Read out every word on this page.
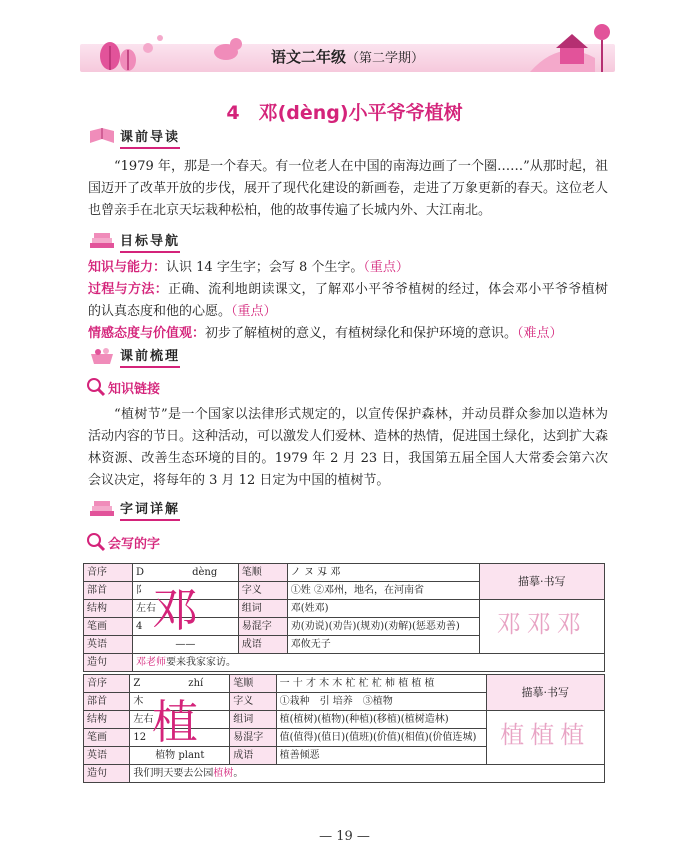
语文二年级（第二学期）
4　邓(dèng)小平爷爷植树
课前导读

“1979 年，那是一个春天。有一位老人在中国的南海边画了一个圈……”从那时起，祖国迈开了改革开放的步伐，展开了现代化建设的新画卷，走进了万象更新的春天。这位老人也曾亲手在北京天坛栽种松柏，他的故事传遍了长城内外、大江南北。

目标导航

知识与能力：认识 14 字生字；会写 8 个生字。（重点）

过程与方法：正确、流利地朗读课文，了解邓小平爷爷植树的经过，体会邓小平爷爷植树的认真态度和他的心愿。（重点）

情感态度与价值观：初步了解植树的意义，有植树绿化和保护环境的意识。（难点）

课前梳理
知识链接

“植树节”是一个国家以法律形式规定的，以宣传保护森林，并动员群众参加以造林为活动内容的节日。这种活动，可以激发人们爱林、造林的热情，促进国土绿化，达到扩大森林资源、改善生态环境的目的。1979 年 2 月 23 日，我国第五届全国人大常委会第六次会议决定，将每年的 3 月 12 日定为中国的植树节。

字词详解
会写的字
音序	D　　 dèng	笔顺	ノ ヌ 刄 邓	描摹·书写
部首	阝	字义	①姓 ②邓州，地名，在河南省	
结构	左右	组词	邓(姓邓)	邓邓邓
笔画	4	易混字	劝(劝说)(劝告)(规劝)(劝解)(惩恶劝善)	
英语	——	成语	邓攸无子	
造句	邓老师要来我家家访。			
邓
音序	Z　　 zhí	笔顺	一 十 才 木 木 杧 杧 杧 柿 植 植 植	描摹·书写
部首	木	字义	①栽种　引 培养　③植物	
结构	左右	组词	植(植树)(植物)(种植)(移植)(植树造林)	植植植
笔画	12	易混字	值(值得)(值日)(值班)(价值)(相值)(价值连城)	
英语	植物 plant	成语	植善倾恶	
造句	我们明天要去公园植树。			
植
— 19 —
